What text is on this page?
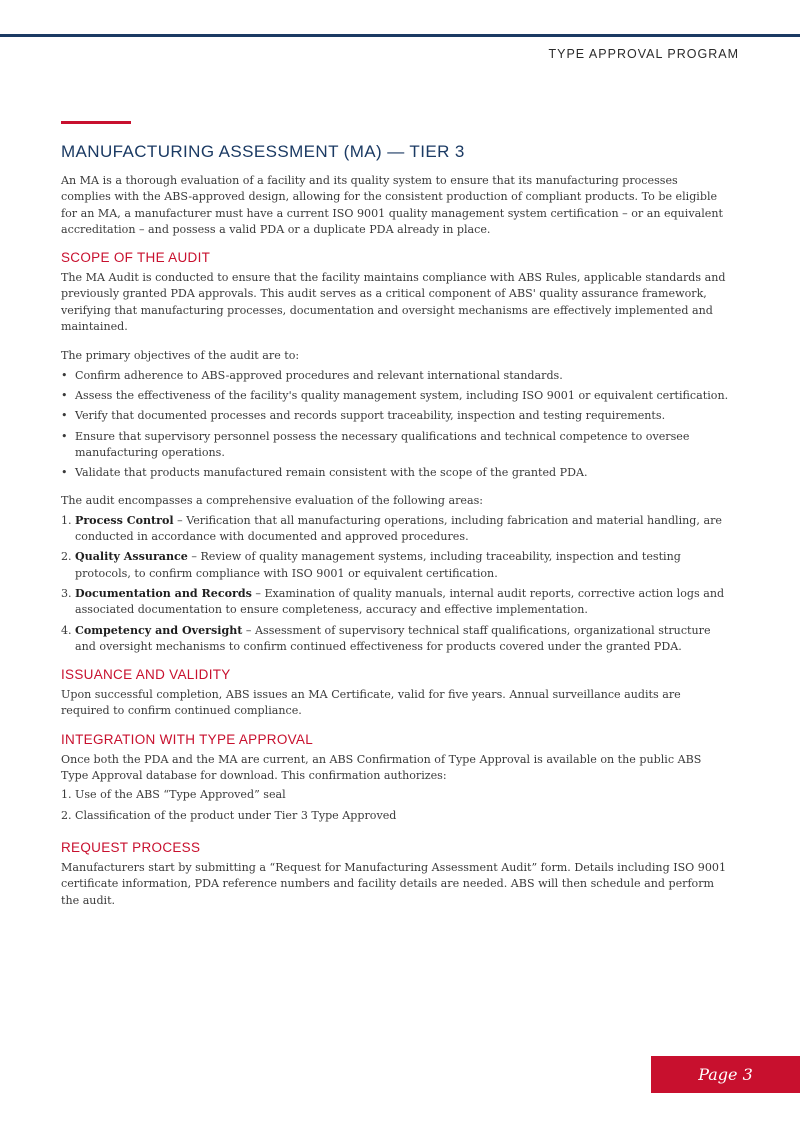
TYPE APPROVAL PROGRAM
MANUFACTURING ASSESSMENT (MA) — TIER 3

An MA is a thorough evaluation of a facility and its quality system to ensure that its manufacturing processes complies with the ABS-approved design, allowing for the consistent production of compliant products. To be eligible for an MA, a manufacturer must have a current ISO 9001 quality management system certification – or an equivalent accreditation – and possess a valid PDA or a duplicate PDA already in place.

SCOPE OF THE AUDIT

The MA Audit is conducted to ensure that the facility maintains compliance with ABS Rules, applicable standards and previously granted PDA approvals. This audit serves as a critical component of ABS' quality assurance framework, verifying that manufacturing processes, documentation and oversight mechanisms are effectively implemented and maintained.

The primary objectives of the audit are to:

• Confirm adherence to ABS-approved procedures and relevant international standards.
• Assess the effectiveness of the facility's quality management system, including ISO 9001 or equivalent certification.
• Verify that documented processes and records support traceability, inspection and testing requirements.
• Ensure that supervisory personnel possess the necessary qualifications and technical competence to oversee manufacturing operations.
• Validate that products manufactured remain consistent with the scope of the granted PDA.

The audit encompasses a comprehensive evaluation of the following areas:

1. Process Control – Verification that all manufacturing operations, including fabrication and material handling, are conducted in accordance with documented and approved procedures.
2. Quality Assurance – Review of quality management systems, including traceability, inspection and testing protocols, to confirm compliance with ISO 9001 or equivalent certification.
3. Documentation and Records – Examination of quality manuals, internal audit reports, corrective action logs and associated documentation to ensure completeness, accuracy and effective implementation.
4. Competency and Oversight – Assessment of supervisory technical staff qualifications, organizational structure and oversight mechanisms to confirm continued effectiveness for products covered under the granted PDA.
ISSUANCE AND VALIDITY

Upon successful completion, ABS issues an MA Certificate, valid for five years. Annual surveillance audits are required to confirm continued compliance.

INTEGRATION WITH TYPE APPROVAL

Once both the PDA and the MA are current, an ABS Confirmation of Type Approval is available on the public ABS Type Approval database for download. This confirmation authorizes:

1. Use of the ABS “Type Approved” seal
2. Classification of the product under Tier 3 Type Approved
REQUEST PROCESS

Manufacturers start by submitting a “Request for Manufacturing Assessment Audit” form. Details including ISO 9001 certificate information, PDA reference numbers and facility details are needed. ABS will then schedule and perform the audit.

Page 3
